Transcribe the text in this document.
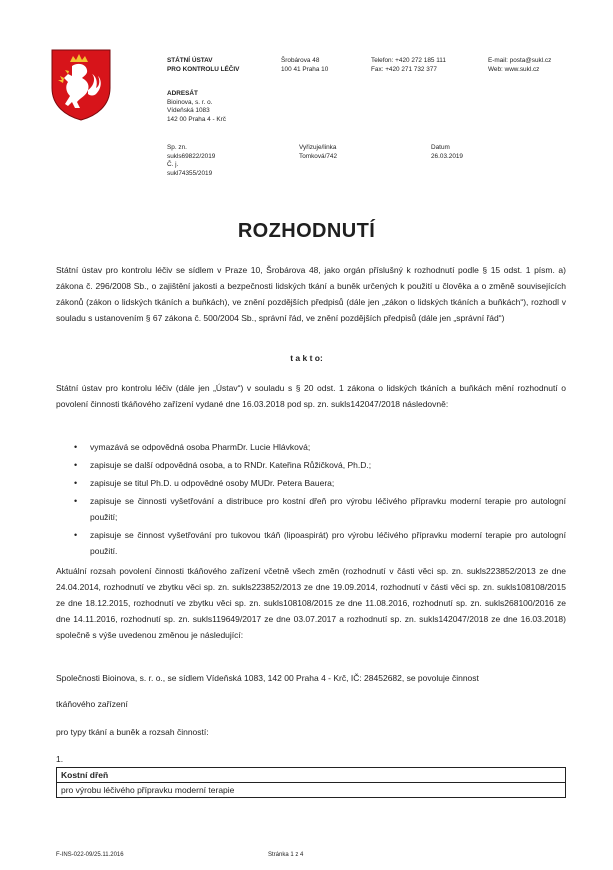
STÁTNÍ ÚSTAV
PRO KONTROLU LÉČIV
Šrobárova 48
100 41 Praha 10
Telefon: +420 272 185 111
Fax: +420 271 732 377
E-mail: posta@sukl.cz
Web: www.sukl.cz
ADRESÁT
Bioinova, s. r. o.
Vídeňská 1083
142 00 Praha 4 - Krč
Sp. zn.
sukls69822/2019
Č. j.
sukl74355/2019
Vyřizuje/linka
Tomková/742
Datum
26.03.2019
ROZHODNUTÍ
Státní ústav pro kontrolu léčiv se sídlem v Praze 10, Šrobárova 48, jako orgán příslušný k rozhodnutí podle § 15 odst. 1 písm. a) zákona č. 296/2008 Sb., o zajištění jakosti a bezpečnosti lidských tkání a buněk určených k použití u člověka a o změně souvisejících zákonů (zákon o lidských tkáních a buňkách), ve znění pozdějších předpisů (dále jen „zákon o lidských tkáních a buňkách“), rozhodl v souladu s ustanovením § 67 zákona č. 500/2004 Sb., správní řád, ve znění pozdějších předpisů (dále jen „správní řád“)
t a k t o:
Státní ústav pro kontrolu léčiv (dále jen „Ústav“) v souladu s § 20 odst. 1 zákona o lidských tkáních a buňkách mění rozhodnutí o povolení činnosti tkáňového zařízení vydané dne 16.03.2018 pod sp. zn. sukls142047/2018 následovně:
• vymazává se odpovědná osoba PharmDr. Lucie Hlávková;
• zapisuje se další odpovědná osoba, a to RNDr. Kateřina Růžičková, Ph.D.;
• zapisuje se titul Ph.D. u odpovědné osoby MUDr. Petera Bauera;
• zapisuje se činnosti vyšetřování a distribuce pro kostní dřeň pro výrobu léčivého přípravku moderní terapie pro autologní použití;
• zapisuje se činnost vyšetřování pro tukovou tkáň (lipoaspirát) pro výrobu léčivého přípravku moderní terapie pro autologní použití.
Aktuální rozsah povolení činnosti tkáňového zařízení včetně všech změn (rozhodnutí v části věci sp. zn. sukls223852/2013 ze dne 24.04.2014, rozhodnutí ve zbytku věci sp. zn. sukls223852/2013 ze dne 19.09.2014, rozhodnutí v části věci sp. zn. sukls108108/2015 ze dne 18.12.2015, rozhodnutí ve zbytku věci sp. zn. sukls108108/2015 ze dne 11.08.2016, rozhodnutí sp. zn. sukls268100/2016 ze dne 14.11.2016, rozhodnutí sp. zn. sukls119649/2017 ze dne 03.07.2017 a rozhodnutí sp. zn. sukls142047/2018 ze dne 16.03.2018) společně s výše uvedenou změnou je následující:
Společnosti Bioinova, s. r. o., se sídlem Vídeňská 1083, 142 00 Praha 4 - Krč, IČ: 28452682, se povoluje činnost
tkáňového zařízení
pro typy tkání a buněk a rozsah činností:
1.
Kostní dřeň
pro výrobu léčivého přípravku moderní terapie
F-INS-022-09/25.11.2016	Stránka 1 z 4
